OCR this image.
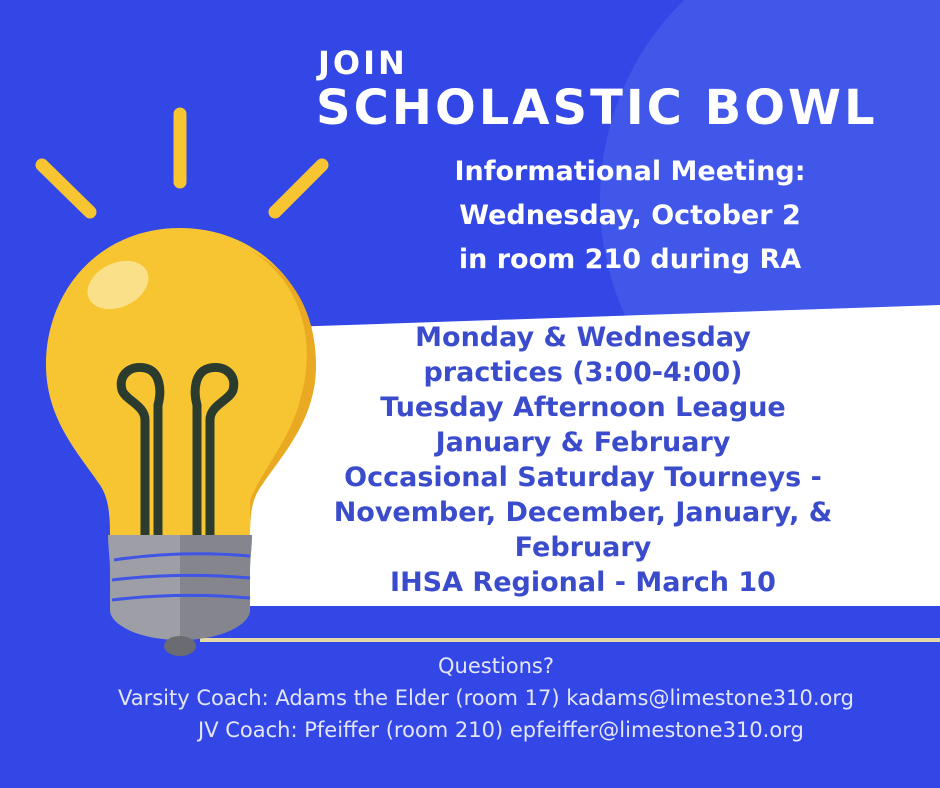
JOIN
SCHOLASTIC BOWL
Informational Meeting:
Wednesday, October 2
in room 210 during RA
Monday & Wednesday
practices (3:00-4:00)
Tuesday Afternoon League
January & February
Occasional Saturday Tourneys -
November, December, January, &
February
IHSA Regional - March 10
Questions?
Varsity Coach: Adams the Elder (room 17) kadams@limestone310.org
JV Coach: Pfeiffer (room 210) epfeiffer@limestone310.org
